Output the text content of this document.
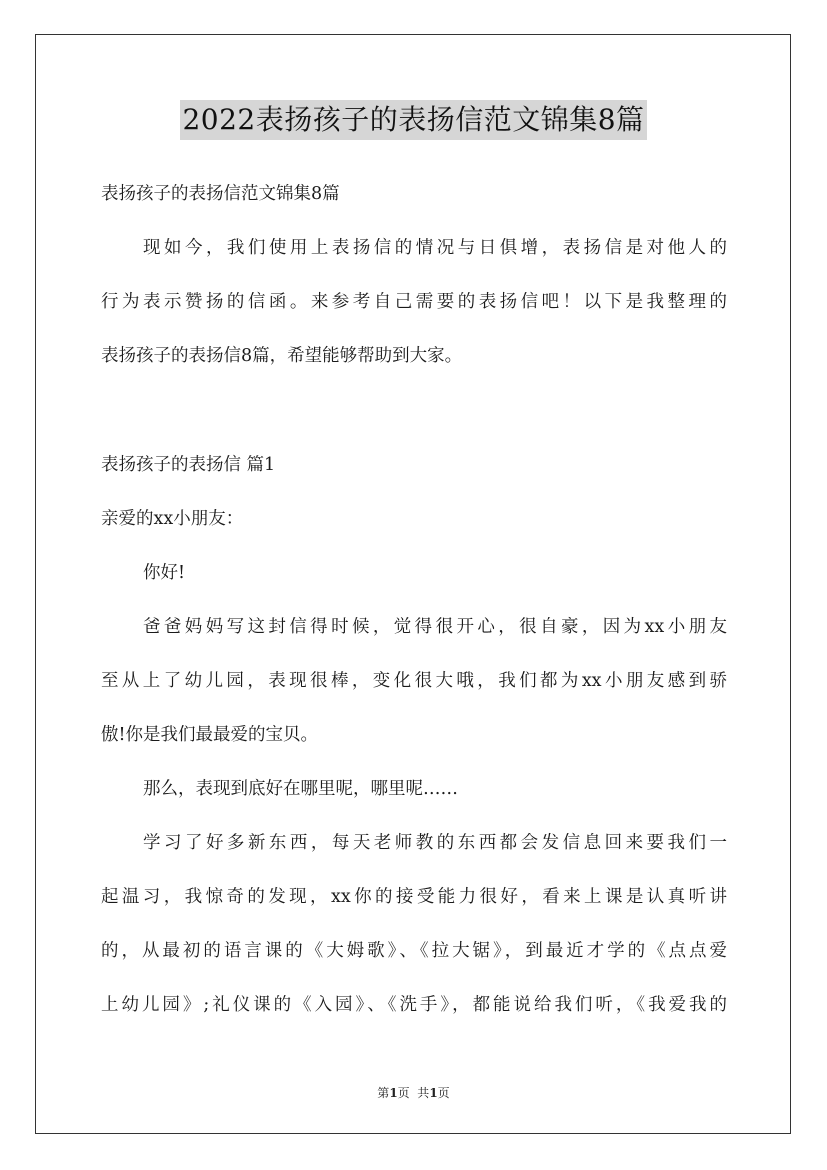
2022表扬孩子的表扬信范文锦集8篇
表扬孩子的表扬信范文锦集8篇
现如今，我们使用上表扬信的情况与日俱增，表扬信是对他人的
行为表示赞扬的信函。来参考自己需要的表扬信吧！以下是我整理的
表扬孩子的表扬信8篇，希望能够帮助到大家。
表扬孩子的表扬信 篇1
亲爱的xx小朋友：
你好!
爸爸妈妈写这封信得时候，觉得很开心，很自豪，因为xx小朋友
至从上了幼儿园，表现很棒，变化很大哦，我们都为xx小朋友感到骄
傲!你是我们最最爱的宝贝。
那么，表现到底好在哪里呢，哪里呢……
学习了好多新东西，每天老师教的东西都会发信息回来要我们一
起温习，我惊奇的发现，xx你的接受能力很好，看来上课是认真听讲
的，从最初的语言课的《大姆歌》、《拉大锯》，到最近才学的《点点爱
上幼儿园》;礼仪课的《入园》、《洗手》，都能说给我们听，《我爱我的
第1页  共1页
